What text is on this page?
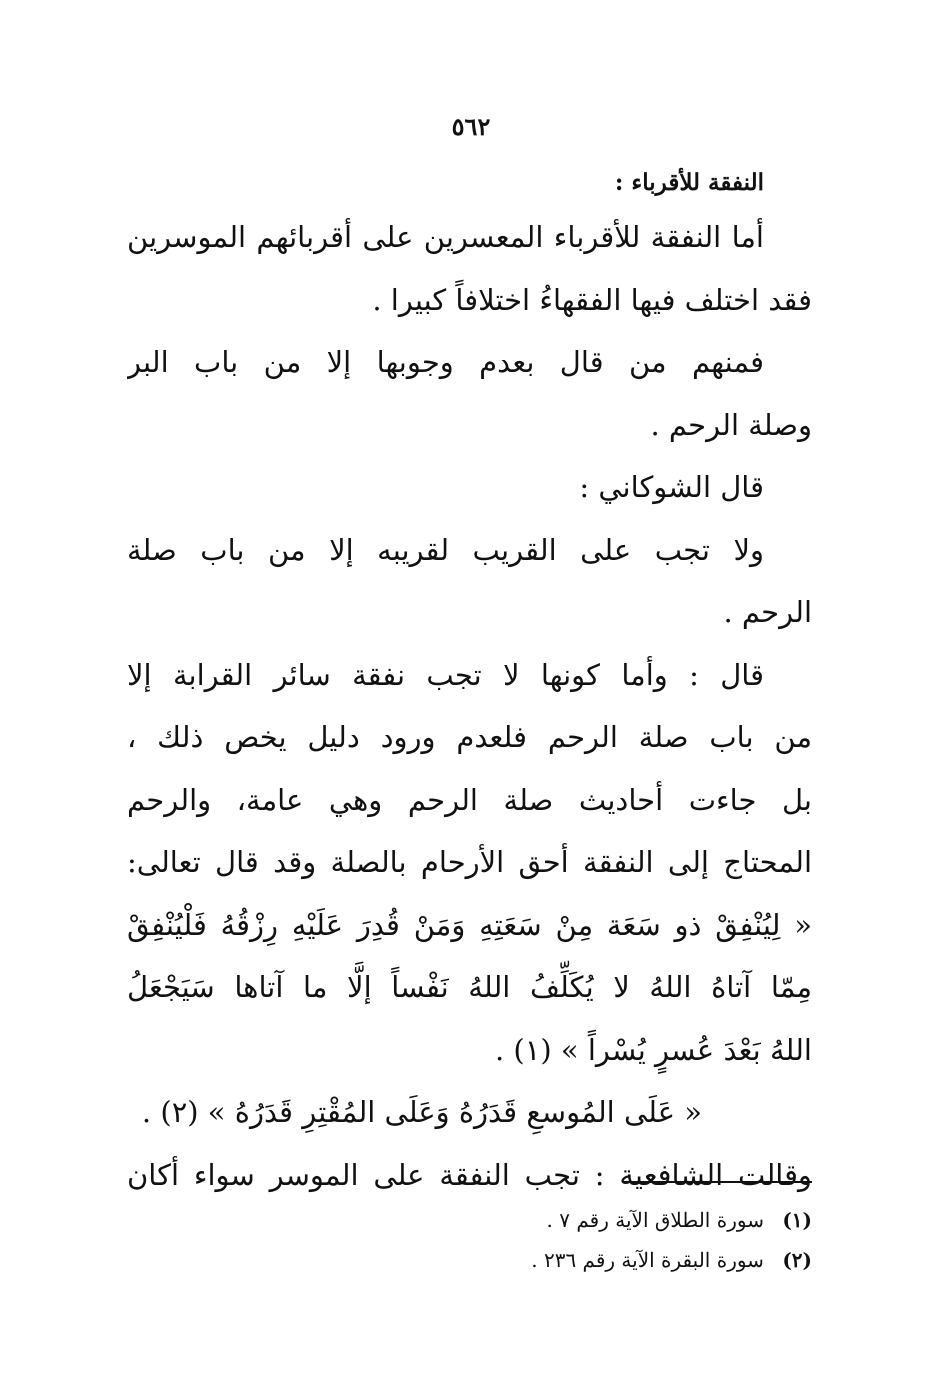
٥٦٢

النفقة للأقرباء :

أما النفقة للأقرباء المعسرين على أقربائهم الموسرين

فقد اختلف فيها الفقهاءُ اختلافاً كبيرا .

فمنهم من قال بعدم وجوبها إلا من باب البر

وصلة الرحم .

قال الشوكاني :

ولا تجب على القريب لقريبه إلا من باب صلة

الرحم .

قال : وأما كونها لا تجب نفقة سائر القرابة إلا

من باب صلة الرحم فلعدم ورود دليل يخص ذلك ،

بل جاءت أحاديث صلة الرحم وهي عامة، والرحم

المحتاج إلى النفقة أحق الأرحام بالصلة وقد قال تعالى:

« لِيُنْفِقْ ذو سَعَة مِنْ سَعَتِهِ وَمَنْ قُدِرَ عَلَيْهِ رِزْقُهُ فَلْيُنْفِقْ

مِمّا آتاهُ اللهُ لا يُكَلِّفُ اللهُ نَفْساً إلَّا ما آتاها سَيَجْعَلُ

اللهُ بَعْدَ عُسرٍ يُسْراً » (١) .

« عَلَى المُوسعِ قَدَرُهُ وَعَلَى المُقْتِرِ قَدَرُهُ » (٢) .

وقالت الشافعية : تجب النفقة على الموسر سواء أكان

(١) سورة الطلاق الآية رقم ٧ .

(٢) سورة البقرة الآية رقم ٢٣٦ .
